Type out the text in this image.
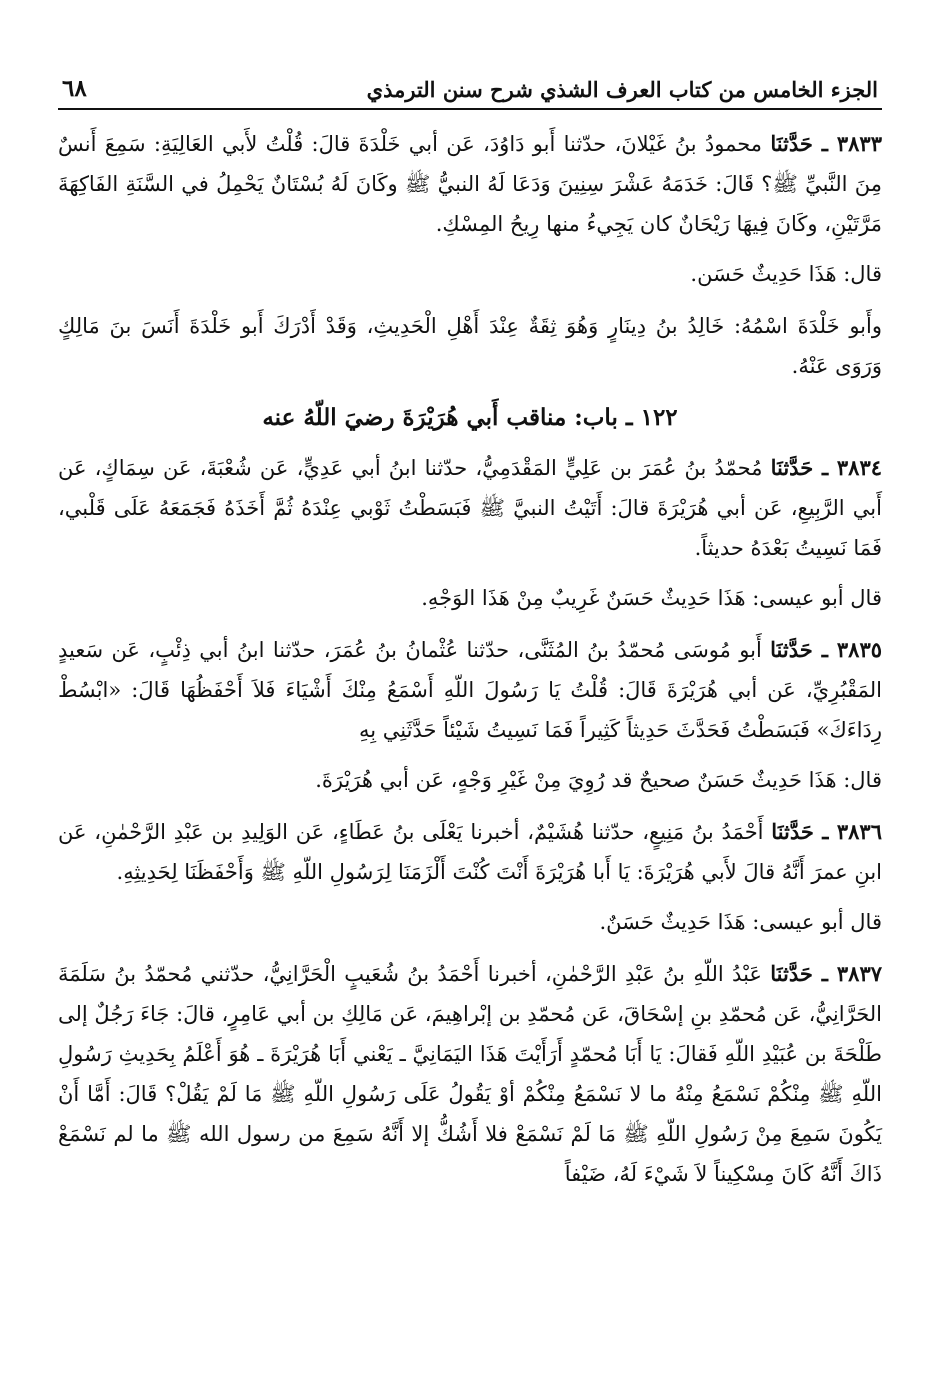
الجزء الخامس من كتاب العرف الشذي شرح سنن الترمذي
٦٨

٣٨٣٣ ـ حَدَّثنَا محمودُ بنُ غَيْلانَ، حدّثنا أَبو دَاوُدَ، عَن أبي خَلْدَةَ قالَ: قُلْتُ لأَبي العَالِيَةِ: سَمِعَ أَنسٌ مِنَ النَّبيِّ ﷺ؟ قَالَ: خَدَمَهُ عَشْرَ سِنِينَ وَدَعَا لَهُ النبيُّ ﷺ وكَانَ لَهُ بُسْتَانٌ يَحْمِلُ في السَّنَةِ الفَاكِهَةَ مَرَّتَيْنِ، وكَانَ فِيهَا رَيْحَانٌ كان يَجِيءُ منها رِيحُ المِسْكِ.

قال: هَذَا حَدِيثٌ حَسَن.

وأَبو خَلْدَةَ اسْمُهُ: خَالِدُ بنُ دِينَارٍ وَهُوَ ثِقَةٌ عِنْدَ أَهْلِ الْحَدِيثِ، وَقَدْ أَدْرَكَ أَبو خَلْدَةَ أَنَسَ بنَ مَالِكٍ وَرَوَى عَنْهُ.

١٢٢ ـ باب: مناقب أَبي هُرَيْرَةَ رضيَ اللّهُ عنه

٣٨٣٤ ـ حَدَّثنَا مُحمّدُ بنُ عُمَرَ بن عَلِيٍّ المَقْدَمِيُّ، حدّثنا ابنُ أبي عَدِيٍّ، عَن شُعْبَةَ، عَن سِمَاكٍ، عَن أَبي الرَّبِيعِ، عَن أبي هُرَيْرَةَ قالَ: أَتَيْتُ النبيَّ ﷺ فَبَسَطْتُ ثَوْبي عِنْدَهُ ثُمَّ أَخَذَهُ فَجَمَعَهُ عَلَى قَلْبي، فَمَا نَسِيتُ بَعْدَهُ حديثاً.

قال أبو عيسى: هَذَا حَدِيثٌ حَسَنٌ غَرِيبٌ مِنْ هَذَا الوَجْهِ.

٣٨٣٥ ـ حَدَّثنَا أَبو مُوسَى مُحمّدُ بنُ المُثَنَّى، حدّثنا عُثْمانُ بنُ عُمَرَ، حدّثنا ابنُ أبي ذِئْبٍ، عَن سَعيدٍ المَقْبُرِيِّ، عَن أبي هُرَيْرَةَ قَالَ: قُلْتُ يَا رَسُولَ اللّهِ أَسْمَعُ مِنْكَ أَشْيَاءَ فَلاَ أَحْفَظُهَا قَالَ: «ابْسُطْ رِدَاءَكَ» فَبَسَطْتُ فَحَدَّثَ حَدِيثاً كَثِيراً فَمَا نَسِيتُ شَيْئاً حَدَّثَنِي بِهِ

قال: هَذَا حَدِيثٌ حَسَنٌ صحيحٌ قد رُوِيَ مِنْ غَيْرِ وَجْهٍ، عَن أبي هُرَيْرَةَ.

٣٨٣٦ ـ حَدَّثنَا أَحْمَدُ بنُ مَنِيعٍ، حدّثنا هُشَيْمٌ، أخبرنا يَعْلَى بنُ عَطَاءٍ، عَن الوَلِيدِ بن عَبْدِ الرَّحْمٰنِ، عَن ابنِ عمرَ أَنَّهُ قالَ لأَبي هُرَيْرَةَ: يَا أَبا هُرَيْرَةَ أَنْتَ كُنْتَ أَلْزَمَنَا لِرَسُولِ اللّهِ ﷺ وَأَحْفَظَنَا لِحَدِيثِهِ.

قال أبو عيسى: هَذَا حَدِيثٌ حَسَنٌ.

٣٨٣٧ ـ حَدَّثنَا عَبْدُ اللّهِ بنُ عَبْدِ الرَّحْمٰنِ، أخبرنا أَحْمَدُ بنُ شُعَيبٍ الْحَرَّانِيُّ، حدّثني مُحمّدُ بنُ سَلَمَةَ الحَرَّانِيُّ، عَن مُحمّدِ بنِ إسْحَاقَ، عَن مُحمّدِ بن إبْراهِيمَ، عَن مَالِكِ بن أبي عَامِرٍ، قالَ: جَاءَ رَجُلٌ إلى طَلْحَةَ بن عُبَيْدِ اللّهِ فَقالَ: يَا أَبَا مُحمّدٍ أَرَأَيْتَ هَذَا اليَمَانِيَّ ـ يَعْني أَبَا هُرَيْرَةَ ـ هُوَ أَعْلَمُ بِحَدِيثِ رَسُولِ اللّهِ ﷺ مِنْكُمْ نَسْمَعُ مِنْهُ ما لا نَسْمَعُ مِنْكُمْ أوْ يَقُولُ عَلَى رَسُولِ اللّهِ ﷺ مَا لَمْ يَقُلْ؟ قَالَ: أَمَّا أَنْ يَكُونَ سَمِعَ مِنْ رَسُولِ اللّهِ ﷺ مَا لَمْ نَسْمَعْ فلا أَشُكُّ إلا أَنَّهُ سَمِعَ من رسول الله ﷺ ما لم نَسْمَعْ ذَاكَ أَنَّهُ كَانَ مِسْكِيناً لاَ شَيْءَ لَهُ، ضَيْفاً
